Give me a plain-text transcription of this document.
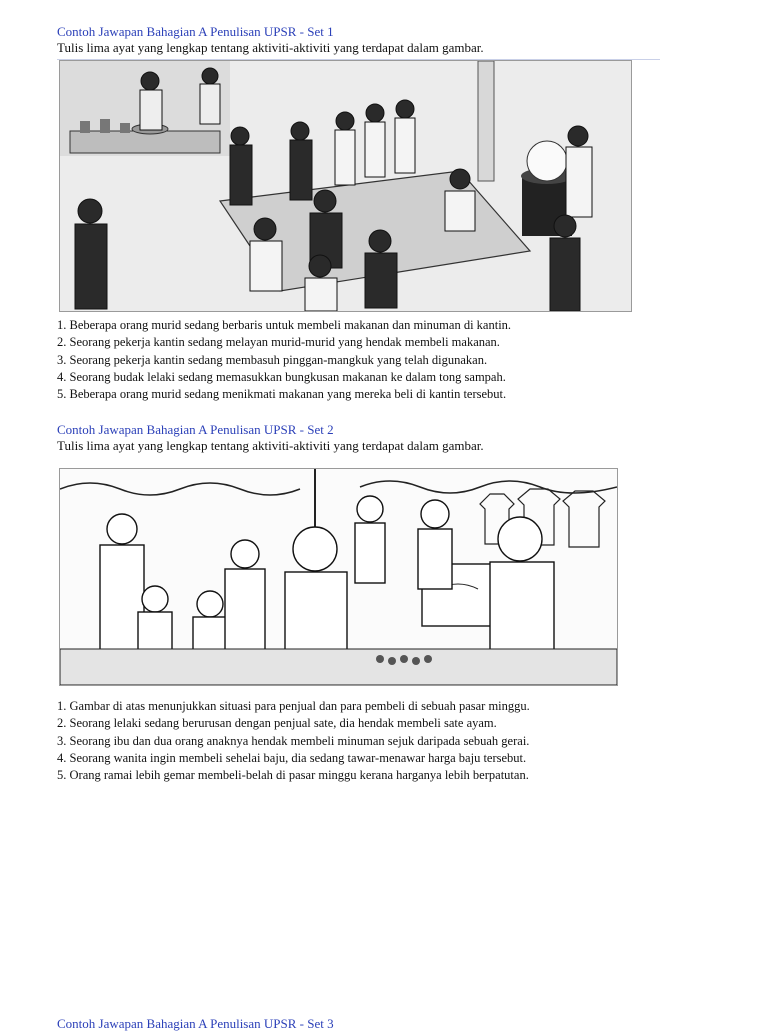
Contoh Jawapan Bahagian A Penulisan UPSR - Set 1

Tulis lima ayat yang lengkap tentang aktiviti-aktiviti yang terdapat dalam gambar.

1. Beberapa orang murid sedang berbaris untuk membeli makanan dan minuman di kantin.
2. Seorang pekerja kantin sedang melayan murid-murid yang hendak membeli makanan.
3. Seorang pekerja kantin sedang membasuh pinggan-mangkuk yang telah digunakan.
4. Seorang budak lelaki sedang memasukkan bungkusan makanan ke dalam tong sampah.
5. Beberapa orang murid sedang menikmati makanan yang mereka beli di kantin tersebut.

Contoh Jawapan Bahagian A Penulisan UPSR - Set 2

Tulis lima ayat yang lengkap tentang aktiviti-aktiviti yang terdapat dalam gambar.

1. Gambar di atas menunjukkan situasi para penjual dan para pembeli di sebuah pasar minggu.
2. Seorang lelaki sedang berurusan dengan penjual sate, dia hendak membeli sate ayam.
3. Seorang ibu dan dua orang anaknya hendak membeli minuman sejuk daripada sebuah gerai.
4. Seorang wanita ingin membeli sehelai baju, dia sedang tawar-menawar harga baju tersebut.
5. Orang ramai lebih gemar membeli-belah di pasar minggu kerana harganya lebih berpatutan.

Contoh Jawapan Bahagian A Penulisan UPSR - Set 3
